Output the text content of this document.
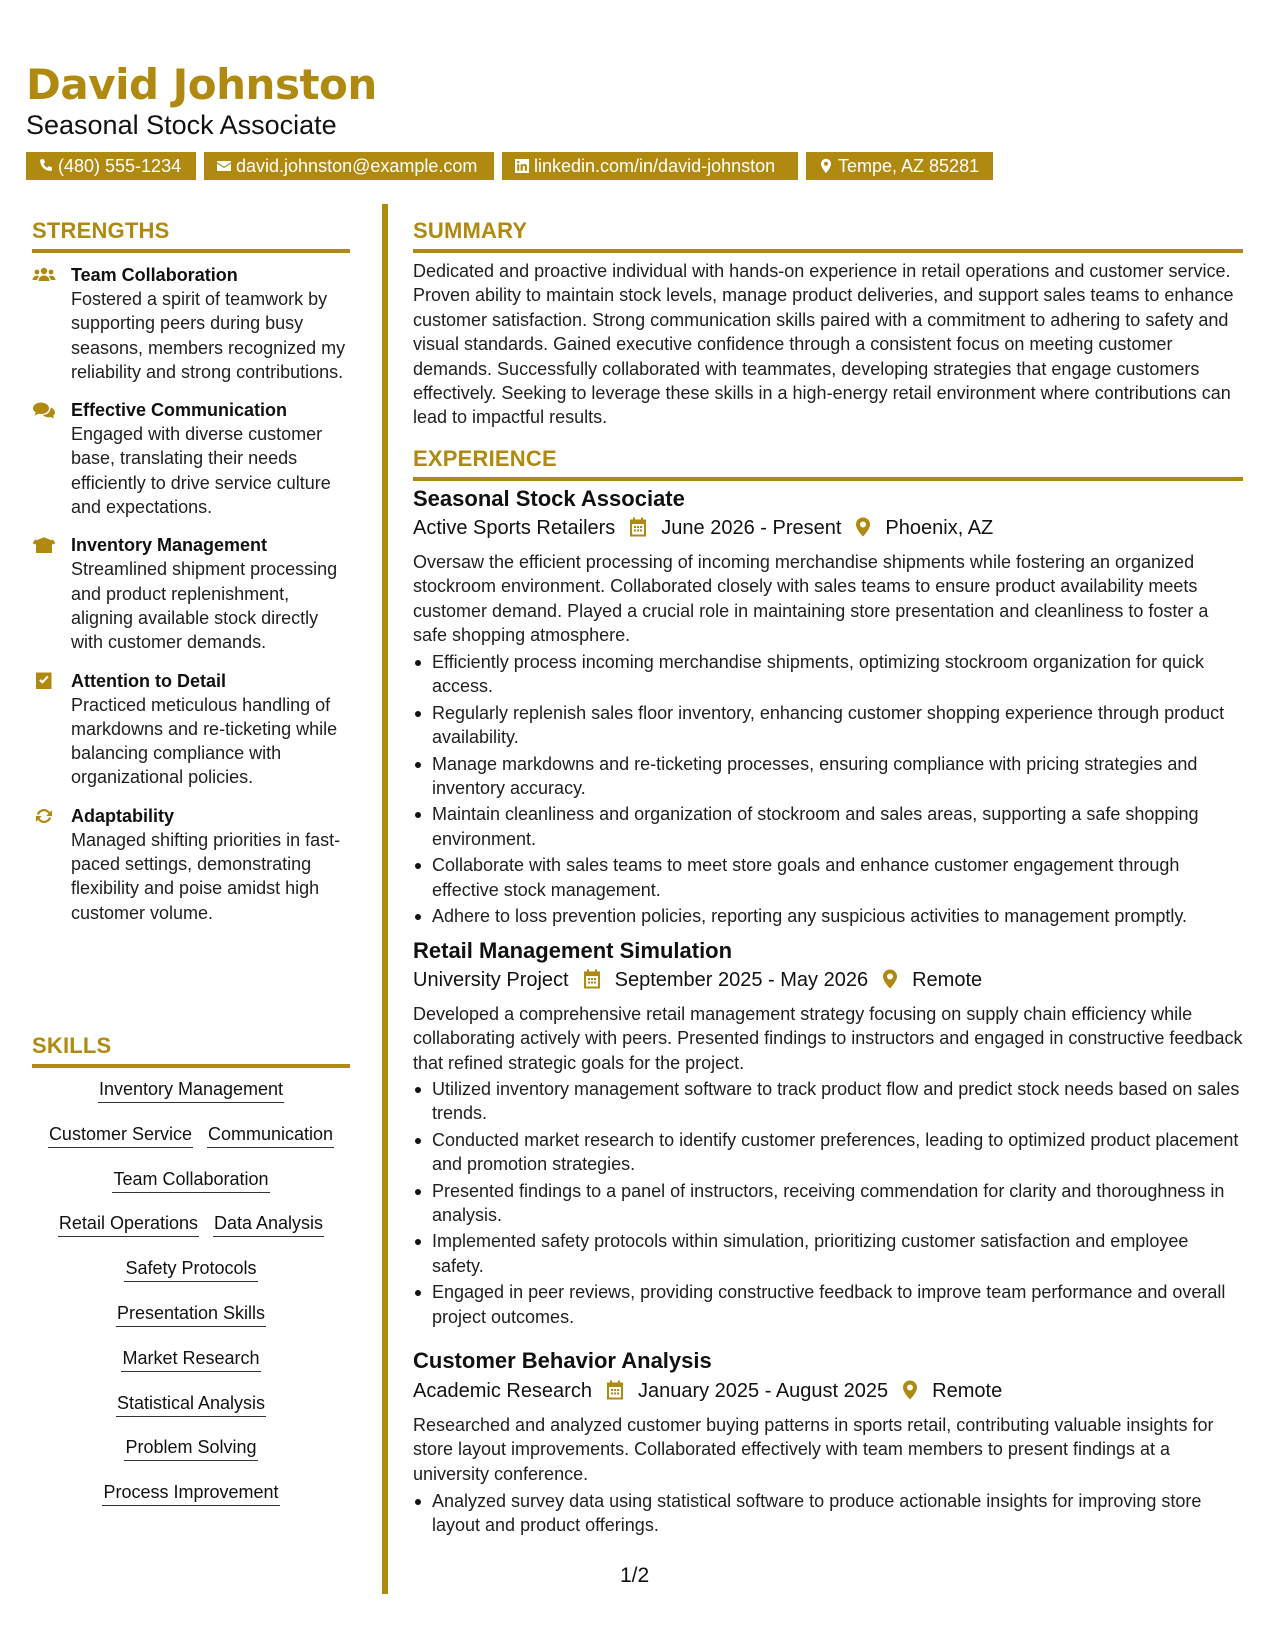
David Johnston
Seasonal Stock Associate
(480) 555-1234	david.johnston@example.com	linkedin.com/in/david-johnston	Tempe, AZ 85281
STRENGTHS
Team Collaboration
Fostered a spirit of teamwork by supporting peers during busy seasons, members recognized my reliability and strong contributions.
Effective Communication
Engaged with diverse customer base, translating their needs efficiently to drive service culture and expectations.
Inventory Management
Streamlined shipment processing and product replenishment, aligning available stock directly with customer demands.
Attention to Detail
Practiced meticulous handling of markdowns and re-ticketing while balancing compliance with organizational policies.
Adaptability
Managed shifting priorities in fast-paced settings, demonstrating flexibility and poise amidst high customer volume.
SKILLS
Inventory Management
Customer Service Communication
Team Collaboration
Retail Operations Data Analysis
Safety Protocols
Presentation Skills
Market Research
Statistical Analysis
Problem Solving
Process Improvement
SUMMARY
Dedicated and proactive individual with hands-on experience in retail operations and customer service. Proven ability to maintain stock levels, manage product deliveries, and support sales teams to enhance customer satisfaction. Strong communication skills paired with a commitment to adhering to safety and visual standards. Gained executive confidence through a consistent focus on meeting customer demands. Successfully collaborated with teammates, developing strategies that engage customers effectively. Seeking to leverage these skills in a high-energy retail environment where contributions can lead to impactful results.
EXPERIENCE
Seasonal Stock Associate
Active Sports Retailers June 2026 - Present Phoenix, AZ
Oversaw the efficient processing of incoming merchandise shipments while fostering an organized stockroom environment. Collaborated closely with sales teams to ensure product availability meets customer demand. Played a crucial role in maintaining store presentation and cleanliness to foster a safe shopping atmosphere.
Efficiently process incoming merchandise shipments, optimizing stockroom organization for quick access.
Regularly replenish sales floor inventory, enhancing customer shopping experience through product availability.
Manage markdowns and re-ticketing processes, ensuring compliance with pricing strategies and inventory accuracy.
Maintain cleanliness and organization of stockroom and sales areas, supporting a safe shopping environment.
Collaborate with sales teams to meet store goals and enhance customer engagement through effective stock management.
Adhere to loss prevention policies, reporting any suspicious activities to management promptly.
Retail Management Simulation
University Project September 2025 - May 2026 Remote
Developed a comprehensive retail management strategy focusing on supply chain efficiency while collaborating actively with peers. Presented findings to instructors and engaged in constructive feedback that refined strategic goals for the project.
Utilized inventory management software to track product flow and predict stock needs based on sales trends.
Conducted market research to identify customer preferences, leading to optimized product placement and promotion strategies.
Presented findings to a panel of instructors, receiving commendation for clarity and thoroughness in analysis.
Implemented safety protocols within simulation, prioritizing customer satisfaction and employee safety.
Engaged in peer reviews, providing constructive feedback to improve team performance and overall project outcomes.
Customer Behavior Analysis
Academic Research January 2025 - August 2025 Remote
Researched and analyzed customer buying patterns in sports retail, contributing valuable insights for store layout improvements. Collaborated effectively with team members to present findings at a university conference.
Analyzed survey data using statistical software to produce actionable insights for improving store layout and product offerings.
1/2
